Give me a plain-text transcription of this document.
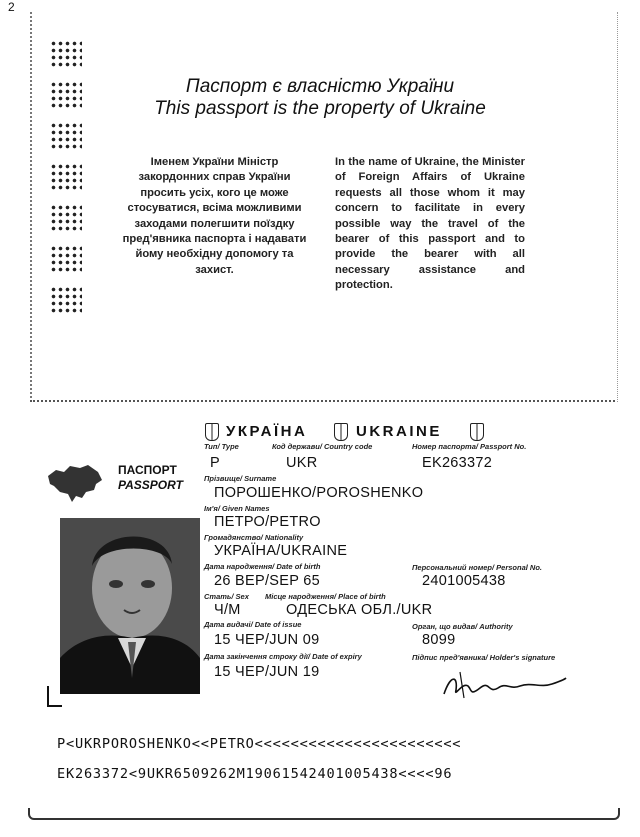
2
Паспорт є власністю України
This passport is the property of Ukraine
Іменем України Міністр закордонних справ України просить усіх, кого це може стосуватися, всіма можливими заходами полегшити поїздку пред'явника паспорта і надавати йому необхідну допомогу та захист.
In the name of Ukraine, the Minister of Foreign Affairs of Ukraine requests all those whom it may concern to facilitate in every possible way the travel of the bearer of this passport and to provide the bearer with all necessary assistance and protection.
УКРАЇНА	UKRAINE
ПАСПОРТ
PASSPORT
Тип/ Type
P
Код держави/ Country code
UKR
Номер паспорта/ Passport No.
EK263372
Прізвище/ Surname
ПОРОШЕНКО/POROSHENKO
Ім'я/ Given Names
ПЕТРО/PETRO
Громадянство/ Nationality
УКРАЇНА/UKRAINE
Дата народження/ Date of birth
26 ВЕР/SEP 65
Персональний номер/ Personal No.
2401005438
Стать/ Sex
Ч/M
Місце народження/ Place of birth
ОДЕСЬКА ОБЛ./UKR
Дата видачі/ Date of issue
15 ЧЕР/JUN 09
Орган, що видав/ Authority
8099
Дата закінчення строку дії/ Date of expiry
15 ЧЕР/JUN 19
Підпис пред'явника/ Holder's signature
P<UKRPOROSHENKO<<PETRO<<<<<<<<<<<<<<<<<<<<<<<
EK263372<9UKR6509262M19061542401005438<<<<96
